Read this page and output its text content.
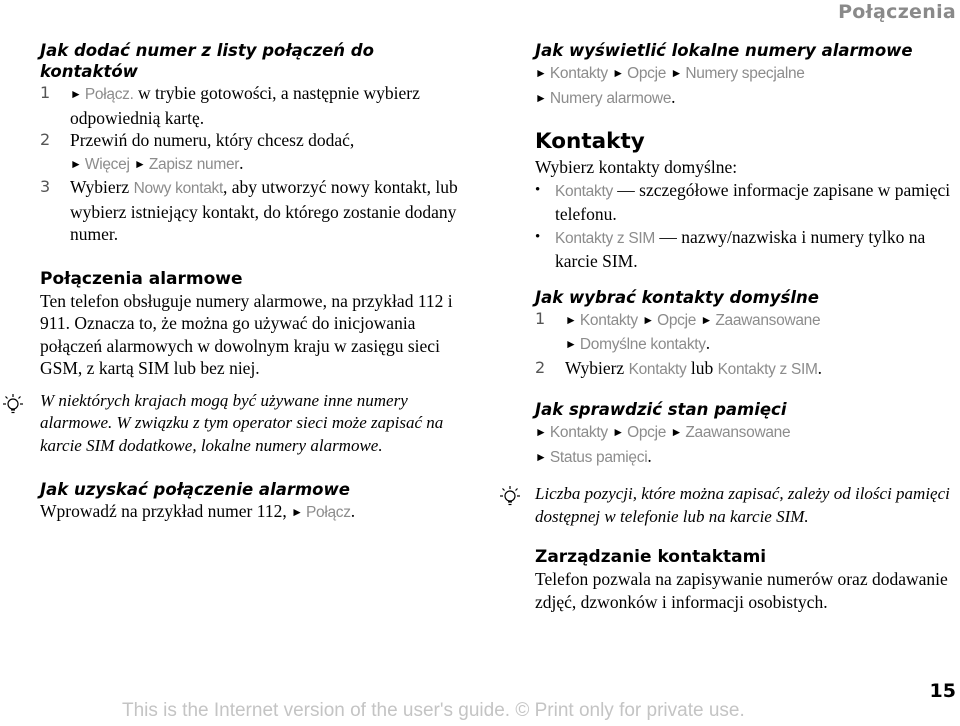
Połączenia
Jak dodać numer z listy połączeń do kontaktów
1	► Połącz. w trybie gotowości, a następnie wybierz odpowiednią kartę.
2	Przewiń do numeru, który chcesz dodać,
► Więcej ► Zapisz numer.
3	Wybierz Nowy kontakt, aby utworzyć nowy kontakt, lub wybierz istniejący kontakt, do którego zostanie dodany numer.
Połączenia alarmowe

Ten telefon obsługuje numery alarmowe, na przykład 112 i 911. Oznacza to, że można go używać do inicjowania połączeń alarmowych w dowolnym kraju w zasięgu sieci GSM, z kartą SIM lub bez niej.

W niektórych krajach mogą być używane inne numery alarmowe. W związku z tym operator sieci może zapisać na karcie SIM dodatkowe, lokalne numery alarmowe.

Jak uzyskać połączenie alarmowe

Wprowadź na przykład numer 112, ► Połącz.

Jak wyświetlić lokalne numery alarmowe

► Kontakty ► Opcje ► Numery specjalne
► Numery alarmowe.

Kontakty

Wybierz kontakty domyślne:

• Kontakty — szczegółowe informacje zapisane w pamięci telefonu.
• Kontakty z SIM — nazwy/nazwiska i numery tylko na karcie SIM.
Jak wybrać kontakty domyślne
1	► Kontakty ► Opcje ► Zaawansowane
► Domyślne kontakty.
2	Wybierz Kontakty lub Kontakty z SIM.
Jak sprawdzić stan pamięci

► Kontakty ► Opcje ► Zaawansowane
► Status pamięci.

Liczba pozycji, które można zapisać, zależy od ilości pamięci dostępnej w telefonie lub na karcie SIM.

Zarządzanie kontaktami

Telefon pozwala na zapisywanie numerów oraz dodawanie zdjęć, dzwonków i informacji osobistych.

15
This is the Internet version of the user's guide. © Print only for private use.
